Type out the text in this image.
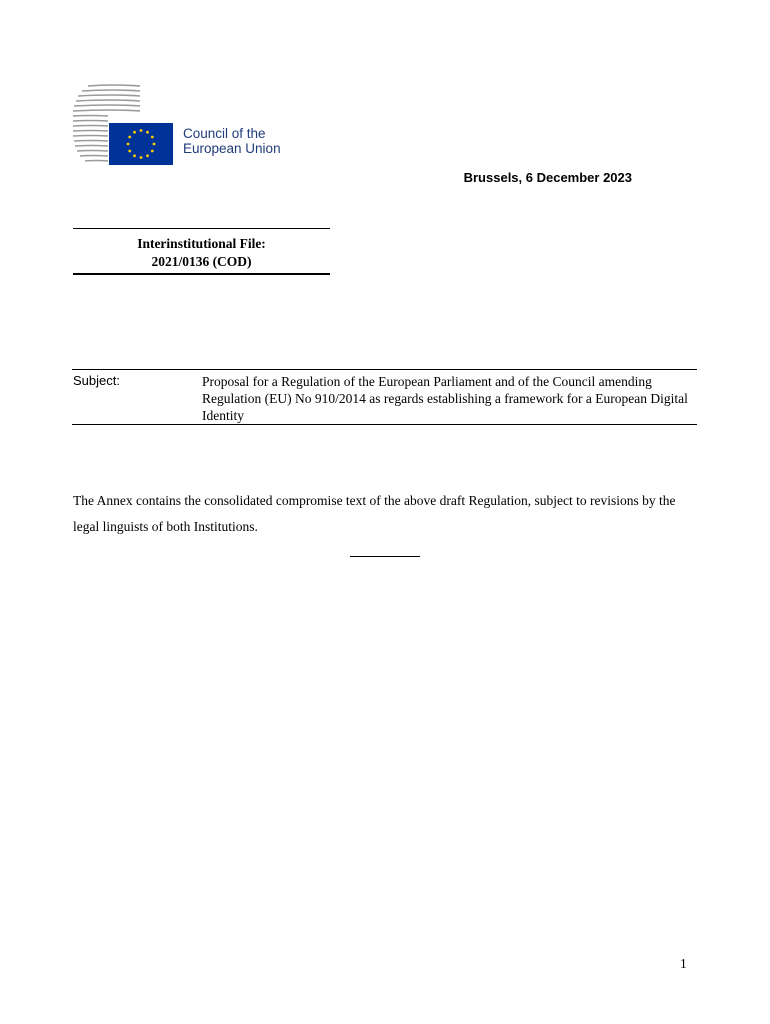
Council of the
European Union
Brussels, 6 December 2023
Interinstitutional File:
2021/0136 (COD)
Subject:	Proposal for a Regulation of the European Parliament and of the Council amending Regulation (EU) No 910/2014 as regards establishing a framework for a European Digital Identity
The Annex contains the consolidated compromise text of the above draft Regulation, subject to revisions by the legal linguists of both Institutions.
1
